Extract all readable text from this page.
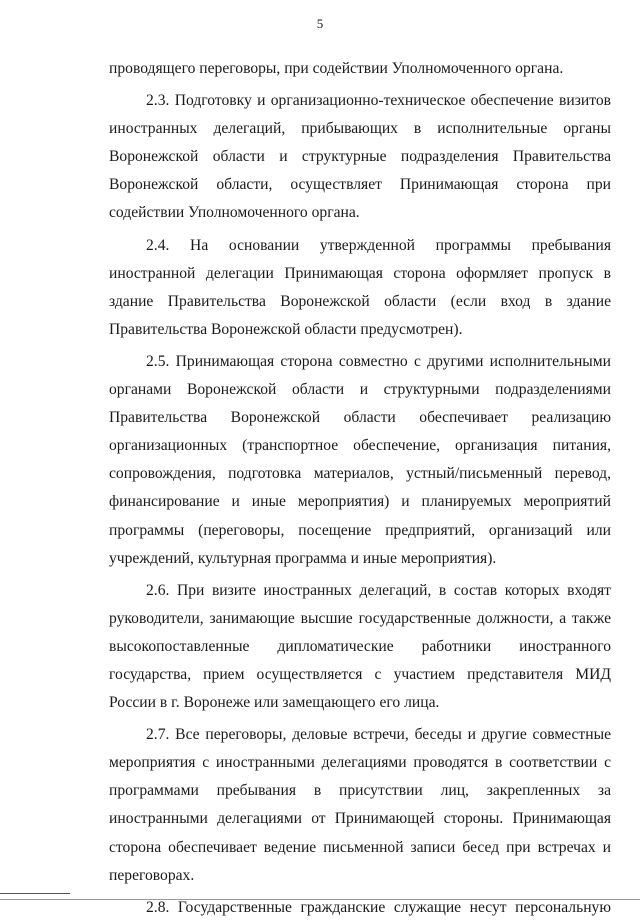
5

проводящего переговоры, при содействии Уполномоченного органа.

2.3. Подготовку и организационно-техническое обеспечение визитов иностранных делегаций, прибывающих в исполнительные органы Воронежской области и структурные подразделения Правительства Воронежской области, осуществляет Принимающая сторона при содействии Уполномоченного органа.

2.4. На основании утвержденной программы пребывания иностранной делегации Принимающая сторона оформляет пропуск в здание Правительства Воронежской области (если вход в здание Правительства Воронежской области предусмотрен).

2.5. Принимающая сторона совместно с другими исполнительными органами Воронежской области и структурными подразделениями Правительства Воронежской области обеспечивает реализацию организационных (транспортное обеспечение, организация питания, сопровождения, подготовка материалов, устный/письменный перевод, финансирование и иные мероприятия) и планируемых мероприятий программы (переговоры, посещение предприятий, организаций или учреждений, культурная программа и иные мероприятия).

2.6. При визите иностранных делегаций, в состав которых входят руководители, занимающие высшие государственные должности, а также высокопоставленные дипломатические работники иностранного государства, прием осуществляется с участием представителя МИД России в г. Воронеже или замещающего его лица.

2.7. Все переговоры, деловые встречи, беседы и другие совместные мероприятия с иностранными делегациями проводятся в соответствии с программами пребывания в присутствии лиц, закрепленных за иностранными делегациями от Принимающей стороны. Принимающая сторона обеспечивает ведение письменной записи бесед при встречах и переговорах.

2.8. Государственные гражданские служащие несут персональную
